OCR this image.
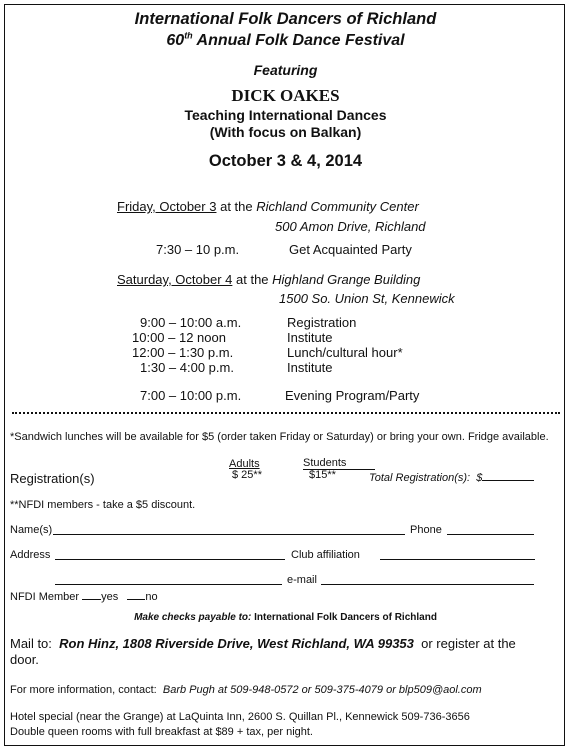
International Folk Dancers of Richland
60th Annual Folk Dance Festival
Featuring
DICK OAKES
Teaching International Dances
(With focus on Balkan)
October 3 & 4, 2014
Friday, October 3 at the Richland Community Center
500 Amon Drive, Richland
7:30 – 10 p.m.	Get Acquainted Party
Saturday, October 4 at the Highland Grange Building
1500 So. Union St, Kennewick
9:00 – 10:00 a.m.	Registration
10:00 – 12 noon	Institute
12:00 – 1:30 p.m.	Lunch/cultural hour*
1:30 – 4:00 p.m.	Institute
7:00 – 10:00 p.m.	Evening Program/Party
*Sandwich lunches will be available for $5 (order taken Friday or Saturday) or bring your own. Fridge available.
Adults	Students
Registration(s)	$ 25**	$15**	Total Registration(s): $
**NFDI members - take a $5 discount.
Name(s)	Phone
Address	Club affiliation
e-mail
NFDI Member yes no
Make checks payable to: International Folk Dancers of Richland
Mail to: Ron Hinz, 1808 Riverside Drive, West Richland, WA 99353 or register at the
door.
For more information, contact: Barb Pugh at 509-948-0572 or 509-375-4079 or blp509@aol.com
Hotel special (near the Grange) at LaQuinta Inn, 2600 S. Quillan Pl., Kennewick 509-736-3656
Double queen rooms with full breakfast at $89 + tax, per night.
